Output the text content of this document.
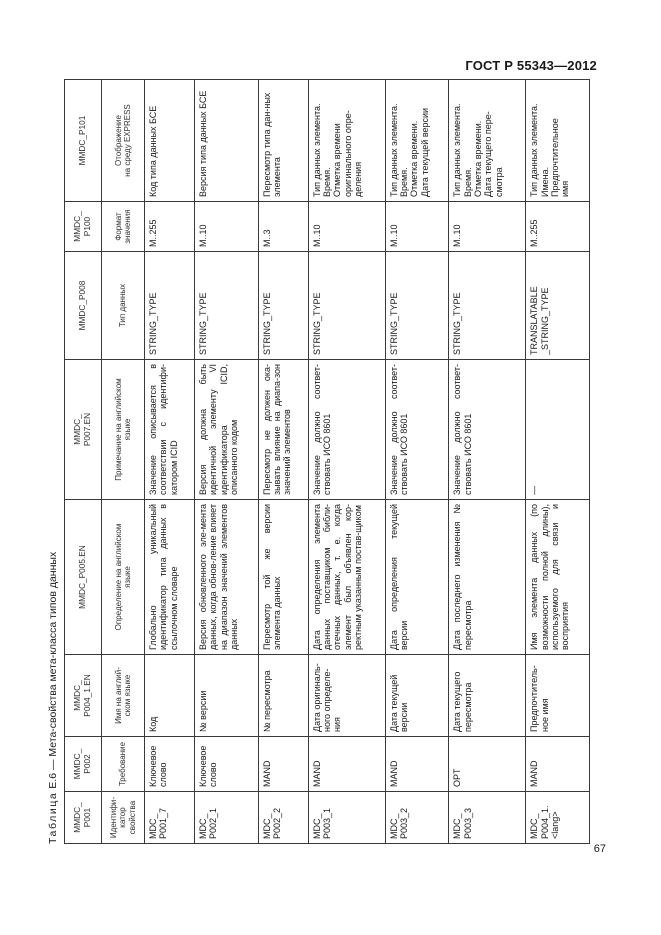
ГОСТ Р 55343—2012
Таблица Е.6 — Мета-свойства мета-класса типов данных
MMDC_
P001	MMDC_
P002	MMDC_
P004_1.EN	MMDC_P005.EN	MMDC_
P007.EN	MMDC_P008	MMDC_
P100	MMDC_P101
Идентифи-
катор
свойства	Требование	Имя на англий-
ском языке	Определение на английском
языке	Примечание на английском
языке	Тип данных	Формат
значения	Отображение
на среду EXPRESS
MDC_
P001_7	Ключевое
слово	Код	Глобально уникальный идентификатор типа данных в ссылочном словаре	Значение описывается в соответствии с идентифи-катором ICID	STRING_TYPE	M..255	Код типа данных БСЕ
MDC_
P002_1	Ключевое
слово	№ версии	Версия обновленного эле-мента данных, когда обнов-ление влияет на диапазон значений элементов данных	Версия должна быть идентичной элементу VI идентификатора ICID, описанного кодом	STRING_TYPE	M..10	Версия типа данных БСЕ
MDC_
P002_2	MAND	№ пересмотра	Пересмотр той же версии элемента данных	Пересмотр не должен ока-зывать влияние на диапа-зон значений элементов	STRING_TYPE	M..3	Пересмотр типа дан-ных элемента
MDC_
P003_1	MAND	Дата оригиналь-ного определе-ния	Дата определения элемента данных поставщиком библи-отечных данных, т. е. когда элемент был объявлен кор-ректным указанным постав-щиком	Значение должно соответ-ствовать ИСО 8601	STRING_TYPE	M..10	Тип данных элемента.
Время.
Отметка времени
оригинального опре-деления
MDC_
P003_2	MAND	Дата текущей
версии	Дата определения текущей версии	Значение должно соответ-ствовать ИСО 8601	STRING_TYPE	M..10	Тип данных элемента.
Время.
Отметка времени.
Дата текущей версии
MDC_
P003_3	OPT	Дата текущего
пересмотра	Дата последнего изменения № пересмотра	Значение должно соответ-ствовать ИСО 8601	STRING_TYPE	M..10	Тип данных элемента.
Время.
Отметка времени.
Дата текущего пере-смотра
MDC_
P004_1.
<lang>	MAND	Предпочтитель-ное имя	Имя элемента данных (по возможности полной длины), используемого для связи и восприятия	—	TRANSLATABLE
_STRING_TYPE	M..255	Тип данных элемента.
Имена.
Предпочтительное
имя
67
